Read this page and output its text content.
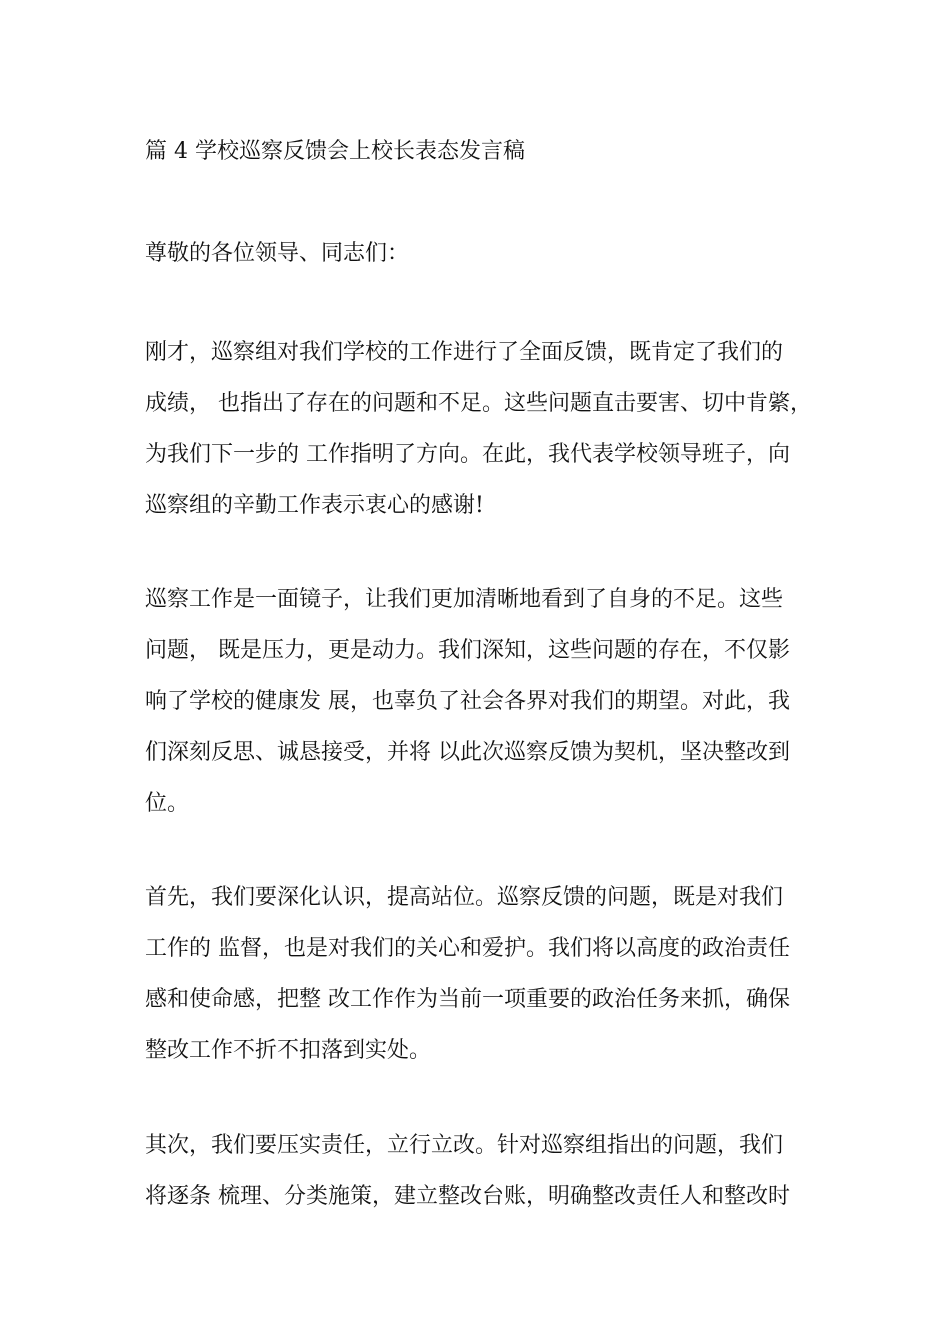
篇 4 学校巡察反馈会上校长表态发言稿
尊敬的各位领导、同志们：
刚才，巡察组对我们学校的工作进行了全面反馈，既肯定了我们的
成绩， 也指出了存在的问题和不足。这些问题直击要害、切中肯綮，
为我们下一步的 工作指明了方向。在此，我代表学校领导班子，向
巡察组的辛勤工作表示衷心的感谢!
巡察工作是一面镜子，让我们更加清晰地看到了自身的不足。这些
问题， 既是压力，更是动力。我们深知，这些问题的存在，不仅影
响了学校的健康发 展，也辜负了社会各界对我们的期望。对此，我
们深刻反思、诚恳接受，并将 以此次巡察反馈为契机，坚决整改到
位。
首先，我们要深化认识，提高站位。巡察反馈的问题，既是对我们
工作的 监督，也是对我们的关心和爱护。我们将以高度的政治责任
感和使命感，把整 改工作作为当前一项重要的政治任务来抓，确保
整改工作不折不扣落到实处。
其次，我们要压实责任，立行立改。针对巡察组指出的问题，我们
将逐条 梳理、分类施策，建立整改台账，明确整改责任人和整改时
